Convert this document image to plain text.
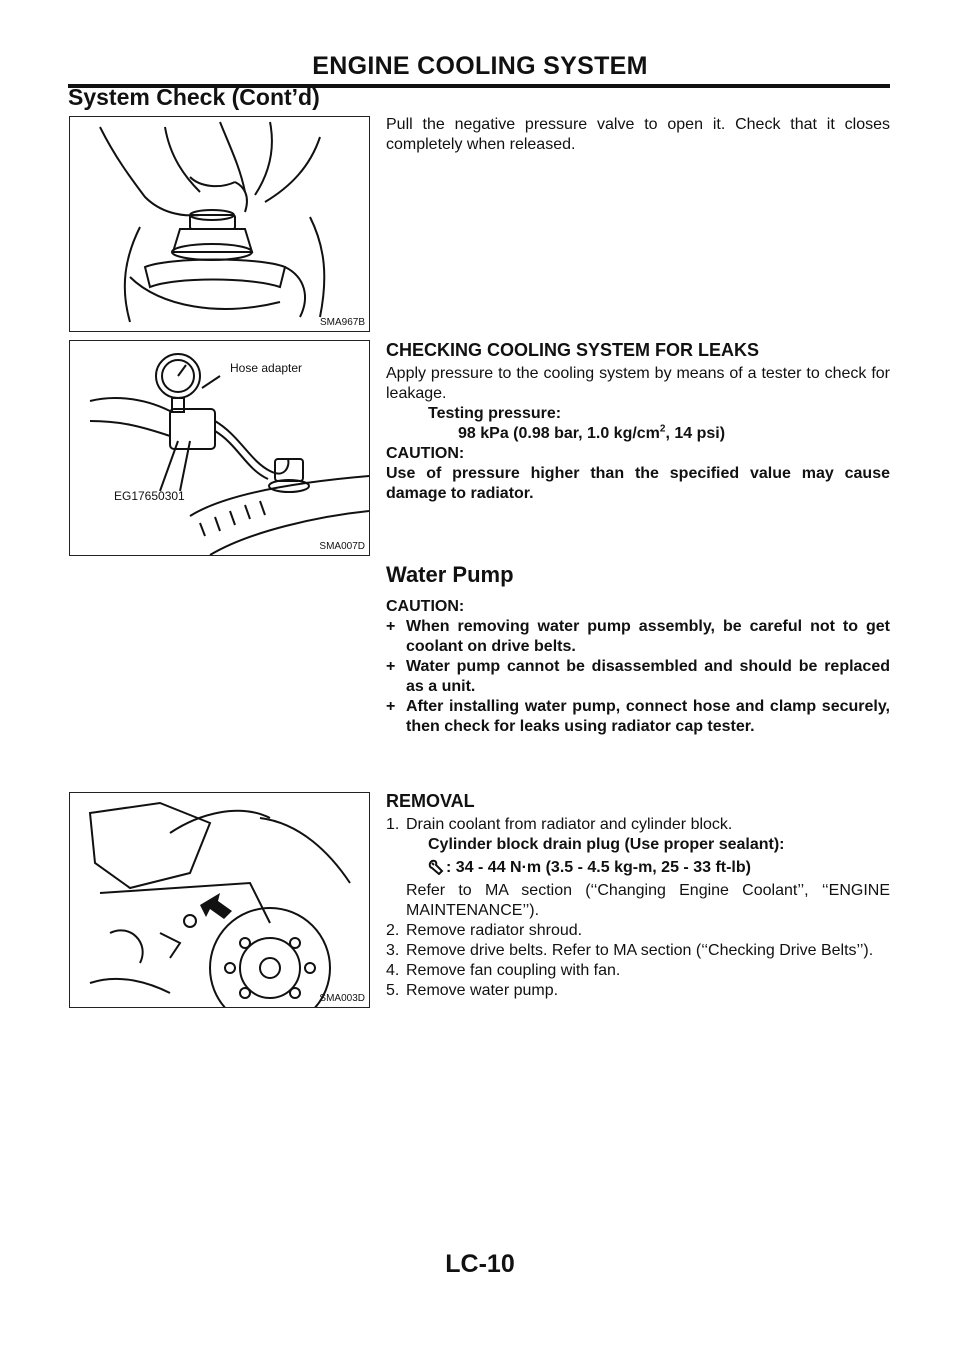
ENGINE COOLING SYSTEM
System Check (Cont’d)
SMA967B

Pull the negative pressure valve to open it. Check that it closes completely when released.

Hose adapter
EG17650301
SMA007D
CHECKING COOLING SYSTEM FOR LEAKS

Apply pressure to the cooling system by means of a tester to check for leakage.

Testing pressure:

98 kPa (0.98 bar, 1.0 $kg/cm^2$, 14 psi)

CAUTION:

Use of pressure higher than the specified value may cause damage to radiator.

Water Pump

CAUTION:

+ When removing water pump assembly, be careful not to get coolant on drive belts.
+ Water pump cannot be disassembled and should be replaced as a unit.
+ After installing water pump, connect hose and clamp securely, then check for leaks using radiator cap tester.
SMA003D
REMOVAL
1. Drain coolant from radiator and cylinder block.

Cylinder block drain plug (Use proper sealant):

: 34 - 44 N·m (3.5 - 4.5 kg-m, 25 - 33 ft-lb)

Refer to MA section (‘‘Changing Engine Coolant’’, ‘‘ENGINE MAINTENANCE’’).

2. Remove radiator shroud.
3. Remove drive belts. Refer to MA section (‘‘Checking Drive Belts’’).
4. Remove fan coupling with fan.
5. Remove water pump.
LC-10
